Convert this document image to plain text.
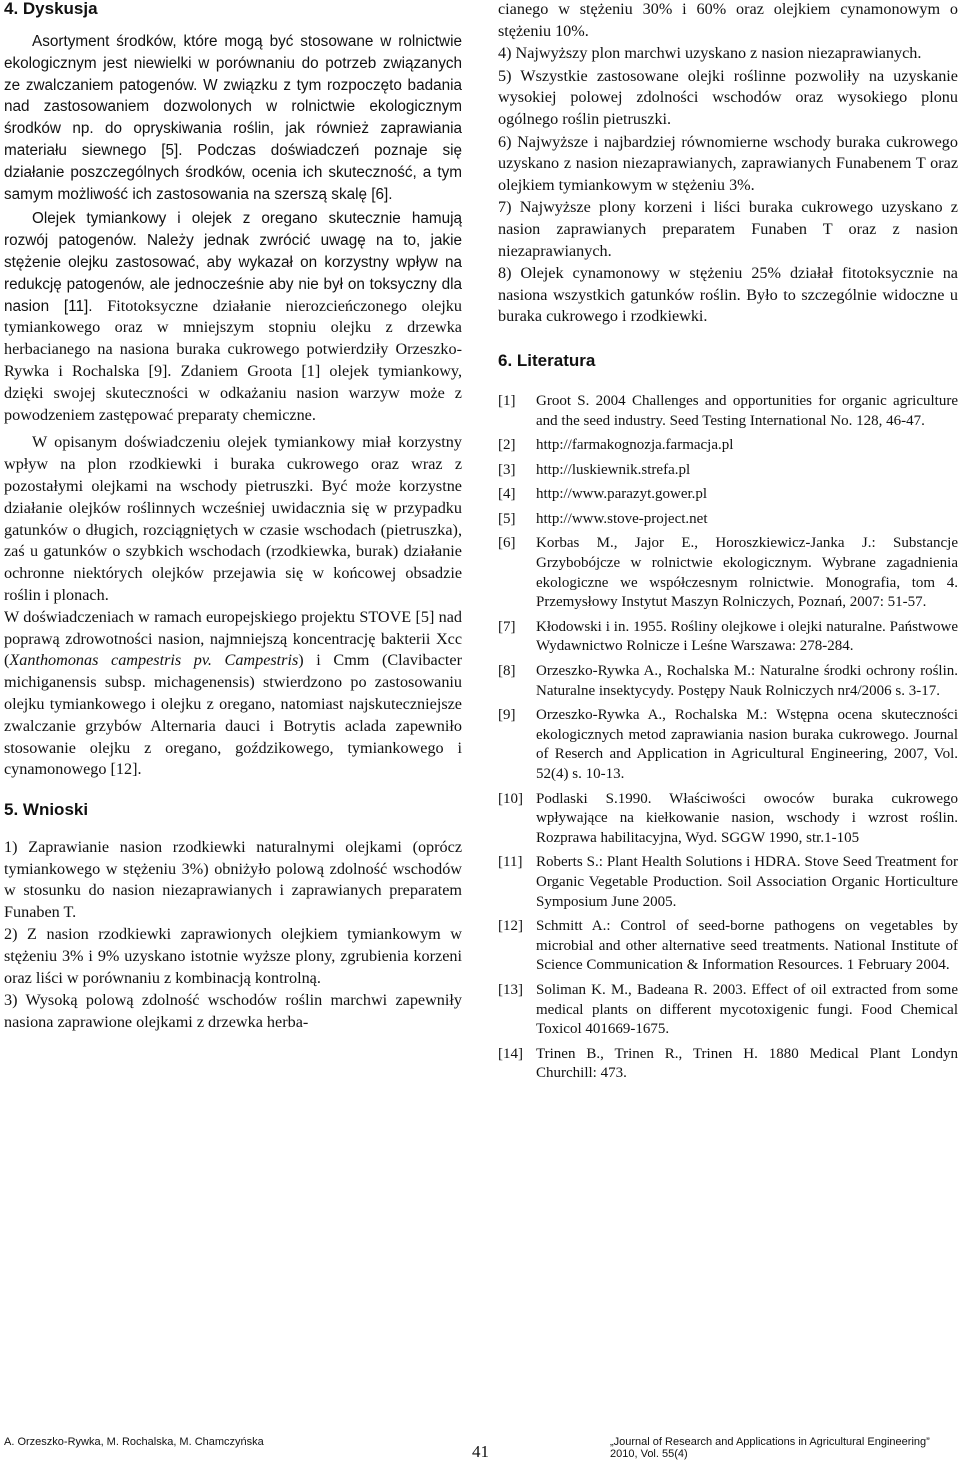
4. Dyskusja

Asortyment środków, które mogą być stosowane w rolnictwie ekologicznym jest niewielki w porównaniu do potrzeb związanych ze zwalczaniem patogenów. W związku z tym rozpoczęto badania nad zastosowaniem dozwolonych w rolnictwie ekologicznym środków np. do opryskiwania roślin, jak również zaprawiania materiału siewnego [5]. Podczas doświadczeń poznaje się działanie poszczególnych środków, ocenia ich skuteczność, a tym samym możliwość ich zastosowania na szerszą skalę [6].

Olejek tymiankowy i olejek z oregano skutecznie hamują rozwój patogenów. Należy jednak zwrócić uwagę na to, jakie stężenie olejku zastosować, aby wykazał on korzystny wpływ na redukcję patogenów, ale jednocześnie aby nie był on toksyczny dla nasion [11]. Fitotoksyczne działanie nierozcieńczonego olejku tymiankowego oraz w mniejszym stopniu olejku z drzewka herbacianego na nasiona buraka cukrowego potwierdziły Orzeszko-Rywka i Rochalska [9]. Zdaniem Groota [1] olejek tymiankowy, dzięki swojej skuteczności w odkażaniu nasion warzyw może z powodzeniem zastępować preparaty chemiczne.

W opisanym doświadczeniu olejek tymiankowy miał korzystny wpływ na plon rzodkiewki i buraka cukrowego oraz wraz z pozostałymi olejkami na wschody pietruszki. Być może korzystne działanie olejków roślinnych wcześniej uwidacznia się w przypadku gatunków o długich, rozciągniętych w czasie wschodach (pietruszka), zaś u gatunków o szybkich wschodach (rzodkiewka, burak) działanie ochronne niektórych olejków przejawia się w końcowej obsadzie roślin i plonach.

W doświadczeniach w ramach europejskiego projektu STOVE [5] nad poprawą zdrowotności nasion, najmniejszą koncentrację bakterii Xcc (Xanthomonas campestris pv. Campestris) i Cmm (Clavibacter michiganensis subsp. michagenensis) stwierdzono po zastosowaniu olejku tymiankowego i olejku z oregano, natomiast najskuteczniejsze zwalczanie grzybów Alternaria dauci i Botrytis aclada zapewniło stosowanie olejku z oregano, goździkowego, tymiankowego i cynamonowego [12].

5. Wnioski

1) Zaprawianie nasion rzodkiewki naturalnymi olejkami (oprócz tymiankowego w stężeniu 3%) obniżyło polową zdolność wschodów w stosunku do nasion niezaprawianych i zaprawianych preparatem Funaben T.

2) Z nasion rzodkiewki zaprawionych olejkiem tymiankowym w stężeniu 3% i 9% uzyskano istotnie wyższe plony, zgrubienia korzeni oraz liści w porównaniu z kombinacją kontrolną.

3) Wysoką polową zdolność wschodów roślin marchwi zapewniły nasiona zaprawione olejkami z drzewka herba-

cianego w stężeniu 30% i 60% oraz olejkiem cynamonowym o stężeniu 10%.

4) Najwyższy plon marchwi uzyskano z nasion niezaprawianych.

5) Wszystkie zastosowane olejki roślinne pozwoliły na uzyskanie wysokiej polowej zdolności wschodów oraz wysokiego plonu ogólnego roślin pietruszki.

6) Najwyższe i najbardziej równomierne wschody buraka cukrowego uzyskano z nasion niezaprawianych, zaprawianych Funabenem T oraz olejkiem tymiankowym w stężeniu 3%.

7) Najwyższe plony korzeni i liści buraka cukrowego uzyskano z nasion zaprawianych preparatem Funaben T oraz z nasion niezaprawianych.

8) Olejek cynamonowy w stężeniu 25% działał fitotoksycznie na nasiona wszystkich gatunków roślin. Było to szczególnie widoczne u buraka cukrowego i rzodkiewki.

6. Literatura
[1]	Groot S. 2004 Challenges and opportunities for organic agriculture and the seed industry. Seed Testing International No. 128, 46-47.
[2]	http://farmakognozja.farmacja.pl
[3]	http://luskiewnik.strefa.pl
[4]	http://www.parazyt.gower.pl
[5]	http://www.stove-project.net
[6]	Korbas M., Jajor E., Horoszkiewicz-Janka J.: Substancje Grzybobójcze w rolnictwie ekologicznym. Wybrane zagadnienia ekologiczne we współczesnym rolnictwie. Monografia, tom 4. Przemysłowy Instytut Maszyn Rolniczych, Poznań, 2007: 51-57.
[7]	Kłodowski i in. 1955. Rośliny olejkowe i olejki naturalne. Państwowe Wydawnictwo Rolnicze i Leśne Warszawa: 278-284.
[8]	Orzeszko-Rywka A., Rochalska M.: Naturalne środki ochrony roślin. Naturalne insektycydy. Postępy Nauk Rolniczych nr4/2006 s. 3-17.
[9]	Orzeszko-Rywka A., Rochalska M.: Wstępna ocena skuteczności ekologicznych metod zaprawiania nasion buraka cukrowego. Journal of Reserch and Application in Agricultural Engineering, 2007, Vol. 52(4) s. 10-13.
[10] Podlaski S.1990. Właściwości owoców buraka cukrowego wpływające na kiełkowanie nasion, wschody i wzrost roślin. Rozprawa habilitacyjna, Wyd. SGGW 1990, str.1-105
[11] Roberts S.: Plant Health Solutions i HDRA. Stove Seed Treatment for Organic Vegetable Production. Soil Association Organic Horticulture Symposium June 2005.
[12] Schmitt A.: Control of seed-borne pathogens on vegetables by microbial and other alternative seed treatments. National Institute of Science Communication & Information Resources. 1 February 2004.
[13] Soliman K. M., Badeana R. 2003. Effect of oil extracted from some medical plants on different mycotoxigenic fungi. Food Chemical Toxicol 401669-1675.
[14] Trinen B., Trinen R., Trinen H. 1880 Medical Plant Londyn Churchill: 473.
A. Orzeszko-Rywka, M. Rochalska, M. Chamczyńska	41	„Journal of Research and Applications in Agricultural Engineering” 2010, Vol. 55(4)
